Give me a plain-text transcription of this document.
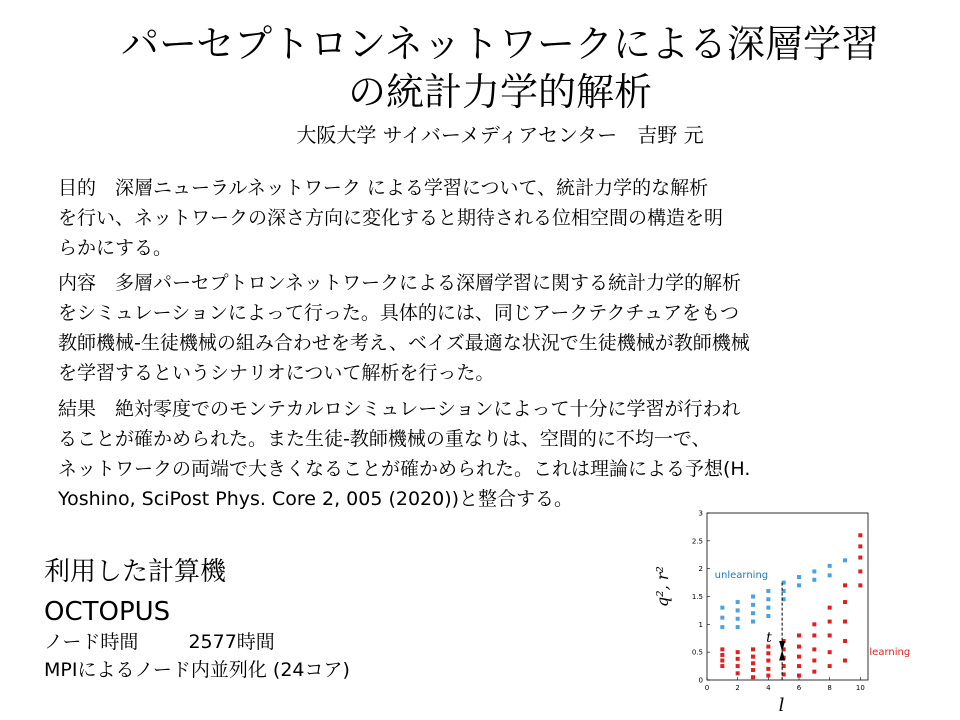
パーセプトロンネットワークによる深層学習
の統計力学的解析
大阪大学 サイバーメディアセンター　吉野 元

目的　深層ニューラルネットワーク による学習について、統計力学的な解析
を行い、ネットワークの深さ方向に変化すると期待される位相空間の構造を明
らかにする。

内容　多層パーセプトロンネットワークによる深層学習に関する統計力学的解析
をシミュレーションによって行った。具体的には、同じアークテクチュアをもつ
教師機械-生徒機械の組み合わせを考え、ベイズ最適な状況で生徒機械が教師機械
を学習するというシナリオについて解析を行った。

結果　絶対零度でのモンテカルロシミュレーションによって十分に学習が行われ
ることが確かめられた。また生徒-教師機械の重なりは、空間的に不均一で、
ネットワークの両端で大きくなることが確かめられた。これは理論による予想(H.
Yoshino, SciPost Phys. Core 2, 005 (2020))と整合する。

利用した計算機
OCTOPUS
ノード時間	2577時間
MPIによるノード内並列化 (24コア)
0	2	4	6	8	10
0
0.5
1
1.5
2
2.5
3
l
q², r²	unlearning
learning
t
